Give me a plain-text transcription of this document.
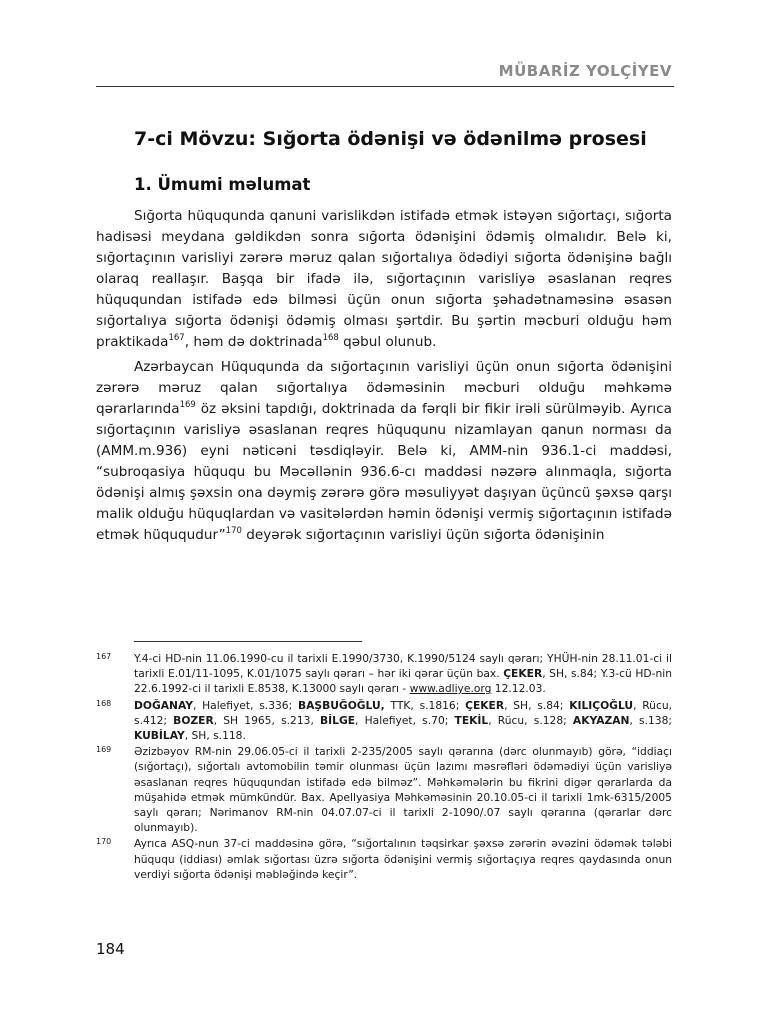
MÜBARİZ YOLÇİYEV
7-ci Mövzu: Sığorta ödənişi və ödənilmə prosesi
1. Ümumi məlumat

Sığorta hüququnda qanuni varislikdən istifadə etmək istəyən sığortaçı, sığorta hadisəsi meydana gəldikdən sonra sığorta ödənişini ödəmiş olmalıdır. Belə ki, sığortaçının varisliyi zərərə məruz qalan sığortalıya ödədiyi sığorta ödənişinə bağlı olaraq reallaşır. Başqa bir ifadə ilə, sığortaçının varisliyə əsaslanan reqres hüququndan istifadə edə bilməsi üçün onun sığorta şəhadətnaməsinə əsasən sığortalıya sığorta ödənişi ödəmiş olması şərtdir. Bu şərtin məcburi olduğu həm praktikada$^{167}$, həm də doktrinada$^{168}$ qəbul olunub.

Azərbaycan Hüququnda da sığortaçının varisliyi üçün onun sığorta ödənişini zərərə məruz qalan sığortalıya ödəməsinin məcburi olduğu məhkəmə qərarlarında$^{169}$ öz əksini tapdığı, doktrinada da fərqli bir fikir irəli sürülməyib. Ayrıca sığortaçının varisliyə əsaslanan reqres hüququnu nizamlayan qanun norması da (AMM.m.936) eyni nəticəni təsdiqləyir. Belə ki, AMM-nin 936.1-ci maddəsi, “subroqasiya hüququ bu Məcəllənin 936.6-cı maddəsi nəzərə alınmaqla, sığorta ödənişi almış şəxsin ona dəymiş zərərə görə məsuliyyət daşıyan üçüncü şəxsə qarşı malik olduğu hüquqlardan və vasitələrdən həmin ödənişi vermiş sığortaçının istifadə etmək hüququdur”$^{170}$ deyərək sığortaçının varisliyi üçün sığorta ödənişinin

167	Y.4-ci HD-nin 11.06.1990-cu il tarixli E.1990/3730, K.1990/5124 saylı qərarı; YHÜH-nin 28.11.01-ci il tarixli E.01/11-1095, K.01/1075 saylı qərarı – hər iki qərar üçün bax. ÇEKER, SH, s.84; Y.3-cü HD-nin 22.6.1992-ci il tarixli E.8538, K.13000 saylı qərarı - www.adliye.org 12.12.03.
168	DOĞANAY, Halefiyet, s.336; BAŞBUĞOĞLU, TTK, s.1816; ÇEKER, SH, s.84; KILIÇOĞLU, Rücu, s.412; BOZER, SH 1965, s.213, BİLGE, Halefiyet, s.70; TEKİL, Rücu, s.128; AKYAZAN, s.138; KUBİLAY, SH, s.118.
169	Əzizbəyov RM-nin 29.06.05-ci il tarixli 2-235/2005 saylı qərarına (dərc olunmayıb) görə, “iddiaçı (sığortaçı), sığortalı avtomobilin təmir olunması üçün lazımı məsrəfləri ödəmədiyi üçün varisliyə əsaslanan reqres hüququndan istifadə edə bilməz”. Məhkəmələrin bu fikrini digər qərarlarda da müşahidə etmək mümkündür. Bax. Apellyasiya Məhkəməsinin 20.10.05-ci il tarixli 1mk-6315/2005 saylı qərarı; Nərimanov RM-nin 04.07.07-ci il tarixli 2-1090/.07 saylı qərarına (qərarlar dərc olunmayıb).
170	Ayrıca ASQ-nun 37-ci maddəsinə görə, “sığortalının təqsirkar şəxsə zərərin əvəzini ödəmək tələbi hüququ (iddiası) əmlak sığortası üzrə sığorta ödənişini vermiş sığortaçıya reqres qaydasında onun verdiyi sığorta ödənişi məbləğində keçir”.
184
